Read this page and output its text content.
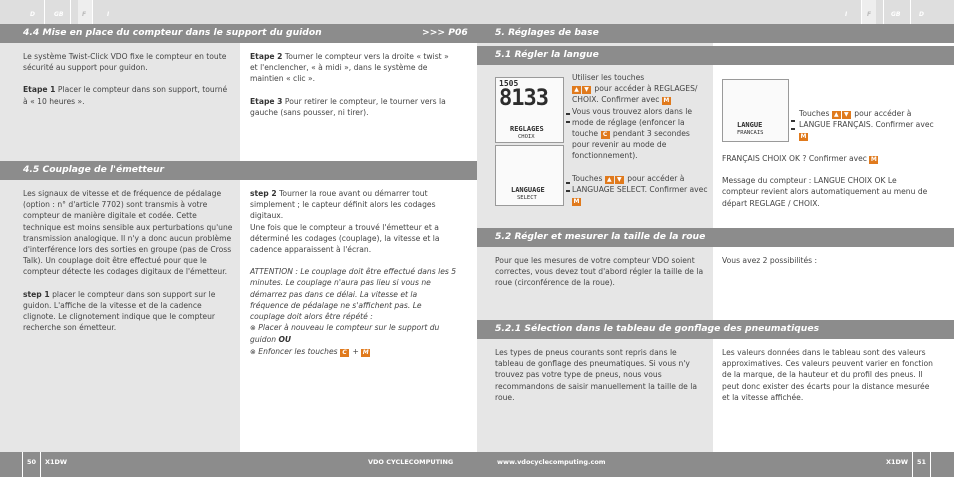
D	GB	F	I
4.4 Mise en place du compteur dans le support du guidon	>>> P06

Le système Twist-Click VDO fixe le compteur en toute sécurité au support pour guidon.

Etape 1 Placer le compteur dans son support, tourné à « 10 heures ».

Etape 2 Tourner le compteur vers la droite « twist » et l'enclencher, « à midi », dans le système de maintien « clic ».

Etape 3 Pour retirer le compteur, le tourner vers la gauche (sans pousser, ni tirer).

4.5 Couplage de l'émetteur

Les signaux de vitesse et de fréquence de pédalage (option : n° d'article 7702) sont transmis à votre compteur de manière digitale et codée. Cette technique est moins sensible aux perturbations qu'une transmission analogique. Il n'y a donc aucun problème d'interférence lors des sorties en groupe (pas de Cross Talk). Un couplage doit être effectué pour que le compteur détecte les codages digitaux de l'émetteur.

step 1 placer le compteur dans son support sur le guidon. L'affiche de la vitesse et de la cadence clignote. Le clignotement indique que le compteur recherche son émetteur.

step 2 Tourner la roue avant ou démarrer tout simplement ; le capteur définit alors les codages digitaux.

Une fois que le compteur a trouvé l'émetteur et a déterminé les codages (couplage), la vitesse et la cadence apparaissent à l'écran.

ATTENTION : Le couplage doit être effectué dans les 5 minutes. Le couplage n'aura pas lieu si vous ne démarrez pas dans ce délai. La vitesse et la fréquence de pédalage ne s'affichent pas. Le couplage doit alors être répété :
⊗ Placer à nouveau le compteur sur le support du guidon OU
⊗ Enfoncer les touches C + M
50 X1DW	VDO CYCLECOMPUTING
I	F	GB	D
5. Réglages de base
5.1 Régler la langue
1505
8133
REGLAGES
CHOIX
LANGUAGE
SELECT
LANGUE
FRANCAIS
Utiliser les touches
▲ ▼ pour accéder à REGLAGES/ CHOIX. Confirmer avec M

Vous vous trouvez alors dans le mode de réglage (enfoncer la touche C pendant 3 secondes pour revenir au mode de fonctionnement).

Touches ▲ ▼ pour accéder à LANGUAGE SELECT. Confirmer avec M
Touches ▲ ▼ pour accéder à LANGUE FRANÇAIS. Confirmer avec M

FRANÇAIS CHOIX OK ? Confirmer avec M

Message du compteur : LANGUE CHOIX OK Le compteur revient alors automatiquement au menu de départ REGLAGE / CHOIX.

5.2 Régler et mesurer la taille de la roue
Pour que les mesures de votre compteur VDO soient correctes, vous devez tout d'abord régler la taille de la roue (circonférence de la roue).
Vous avez 2 possibilités :
5.2.1 Sélection dans le tableau de gonflage des pneumatiques
Les types de pneus courants sont repris dans le tableau de gonflage des pneumatiques. Si vous n'y trouvez pas votre type de pneus, nous vous recommandons de saisir manuellement la taille de la roue.
Les valeurs données dans le tableau sont des valeurs approximatives. Ces valeurs peuvent varier en fonction de la marque, de la hauteur et du profil des pneus. Il peut donc exister des écarts pour la distance mesurée et la vitesse affichée.
www.vdocyclecomputing.com	X1DW 51
